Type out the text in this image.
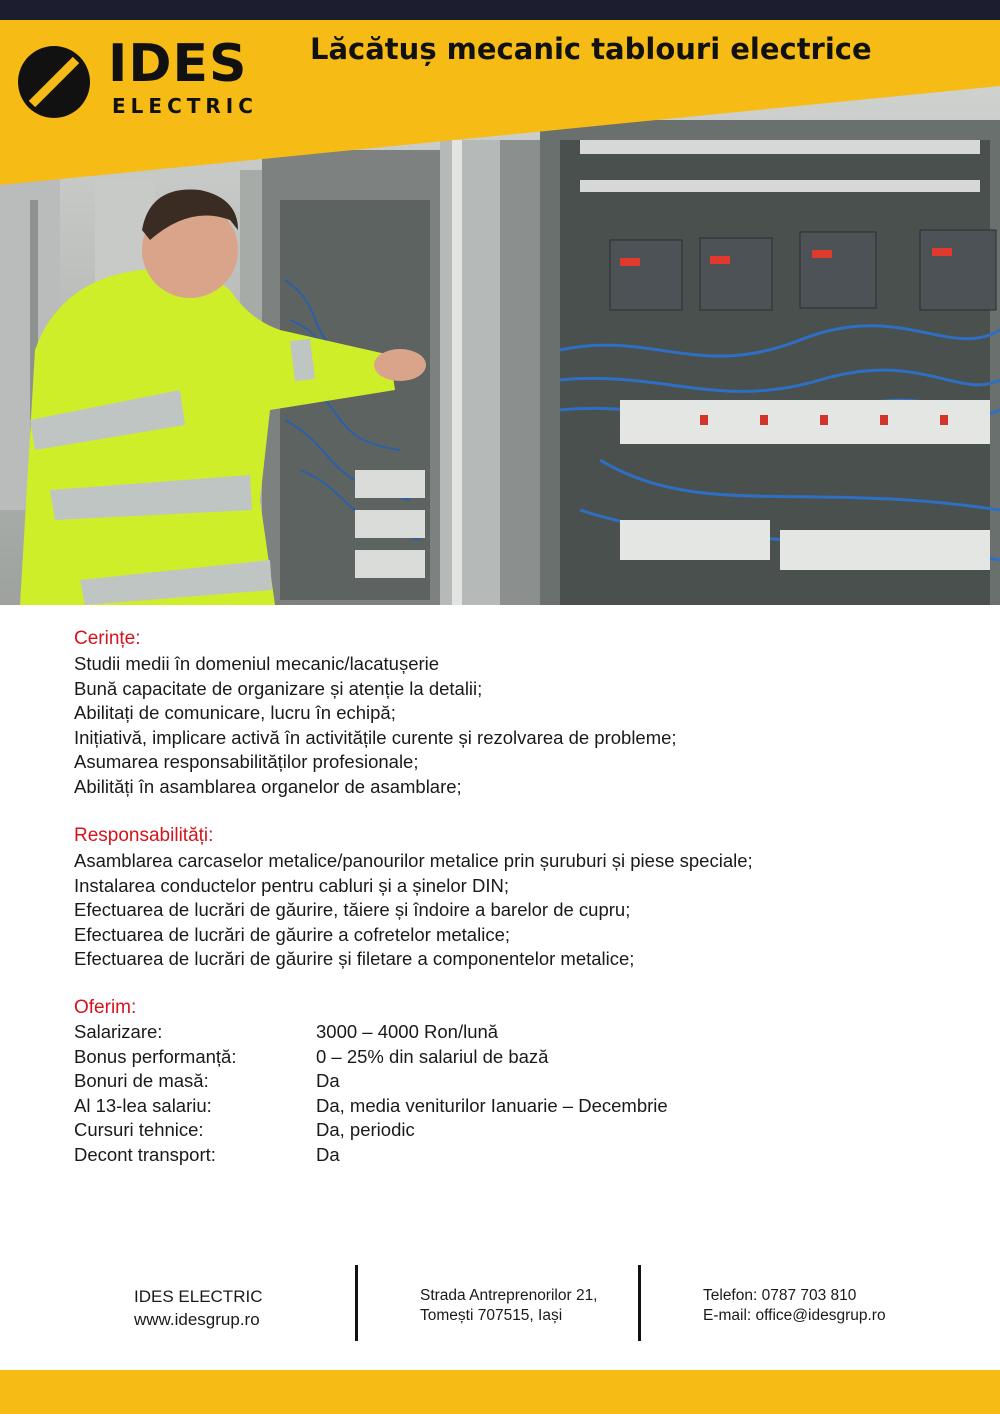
IDES
ELECTRIC
Lăcătuș mecanic tablouri electrice
Cerințe:
Studii medii în domeniul mecanic/lacatușerie
Bună capacitate de organizare și atenție la detalii;
Abilitați de comunicare, lucru în echipă;
Inițiativă, implicare activă în activitățile curente și rezolvarea de probleme;
Asumarea responsabilităților profesionale;
Abilități în asamblarea organelor de asamblare;
Responsabilități:
Asamblarea carcaselor metalice/panourilor metalice prin șuruburi și piese speciale;
Instalarea conductelor pentru cabluri și a șinelor DIN;
Efectuarea de lucrări de găurire, tăiere și îndoire a barelor de cupru;
Efectuarea de lucrări de găurire a cofretelor metalice;
Efectuarea de lucrări de găurire și filetare a componentelor metalice;
Oferim:
Salarizare:	3000 – 4000 Ron/lună
Bonus performanță:	0 – 25% din salariul de bază
Bonuri de masă:	Da
Al 13-lea salariu:	Da, media veniturilor Ianuarie – Decembrie
Cursuri tehnice:	Da, periodic
Decont transport:	Da
IDES ELECTRIC
www.idesgrup.ro
Strada Antreprenorilor 21,
Tomești 707515, Iași
Telefon: 0787 703 810
E-mail: office@idesgrup.ro
